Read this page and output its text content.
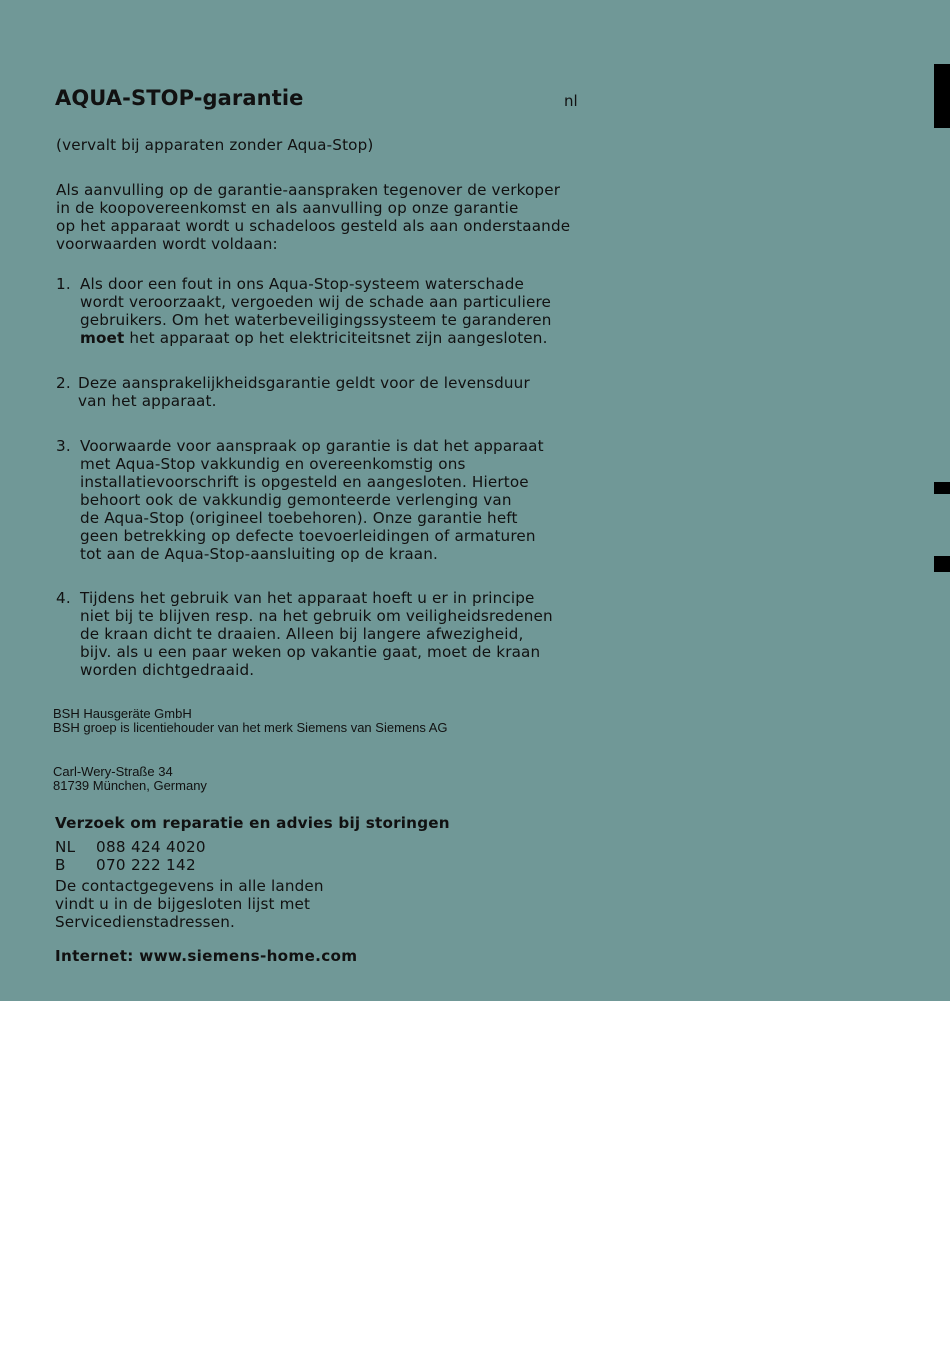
AQUA-STOP-garantie	nl

(vervalt bij apparaten zonder Aqua-Stop)

Als aanvulling op de garantie-aanspraken tegenover de verkoper
in de koopovereenkomst en als aanvulling op onze garantie
op het apparaat wordt u schadeloos gesteld als aan onderstaande
voorwaarden wordt voldaan:

1. Als door een fout in ons Aqua-Stop-systeem waterschade
wordt veroorzaakt, vergoeden wij de schade aan particuliere
gebruikers. Om het waterbeveiligingssysteem te garanderen
moet het apparaat op het elektriciteitsnet zijn aangesloten.
2. Deze aansprakelijkheidsgarantie geldt voor de levensduur
van het apparaat.
3. Voorwaarde voor aanspraak op garantie is dat het apparaat
met Aqua-Stop vakkundig en overeenkomstig ons
installatievoorschrift is opgesteld en aangesloten. Hiertoe
behoort ook de vakkundig gemonteerde verlenging van
de Aqua-Stop (origineel toebehoren). Onze garantie heft
geen betrekking op defecte toevoerleidingen of armaturen
tot aan de Aqua-Stop-aansluiting op de kraan.
4. Tijdens het gebruik van het apparaat hoeft u er in principe
niet bij te blijven resp. na het gebruik om veiligheidsredenen
de kraan dicht te draaien. Alleen bij langere afwezigheid,
bijv. als u een paar weken op vakantie gaat, moet de kraan
worden dichtgedraaid.

BSH Hausgeräte GmbH
BSH groep is licentiehouder van het merk Siemens van Siemens AG

Carl-Wery-Straße 34
81739 München, Germany

Verzoek om reparatie en advies bij storingen
NL 088 424 4020
B 070 222 142

De contactgegevens in alle landen
vindt u in de bijgesloten lijst met
Servicedienstadressen.

Internet: www.siemens-home.com
